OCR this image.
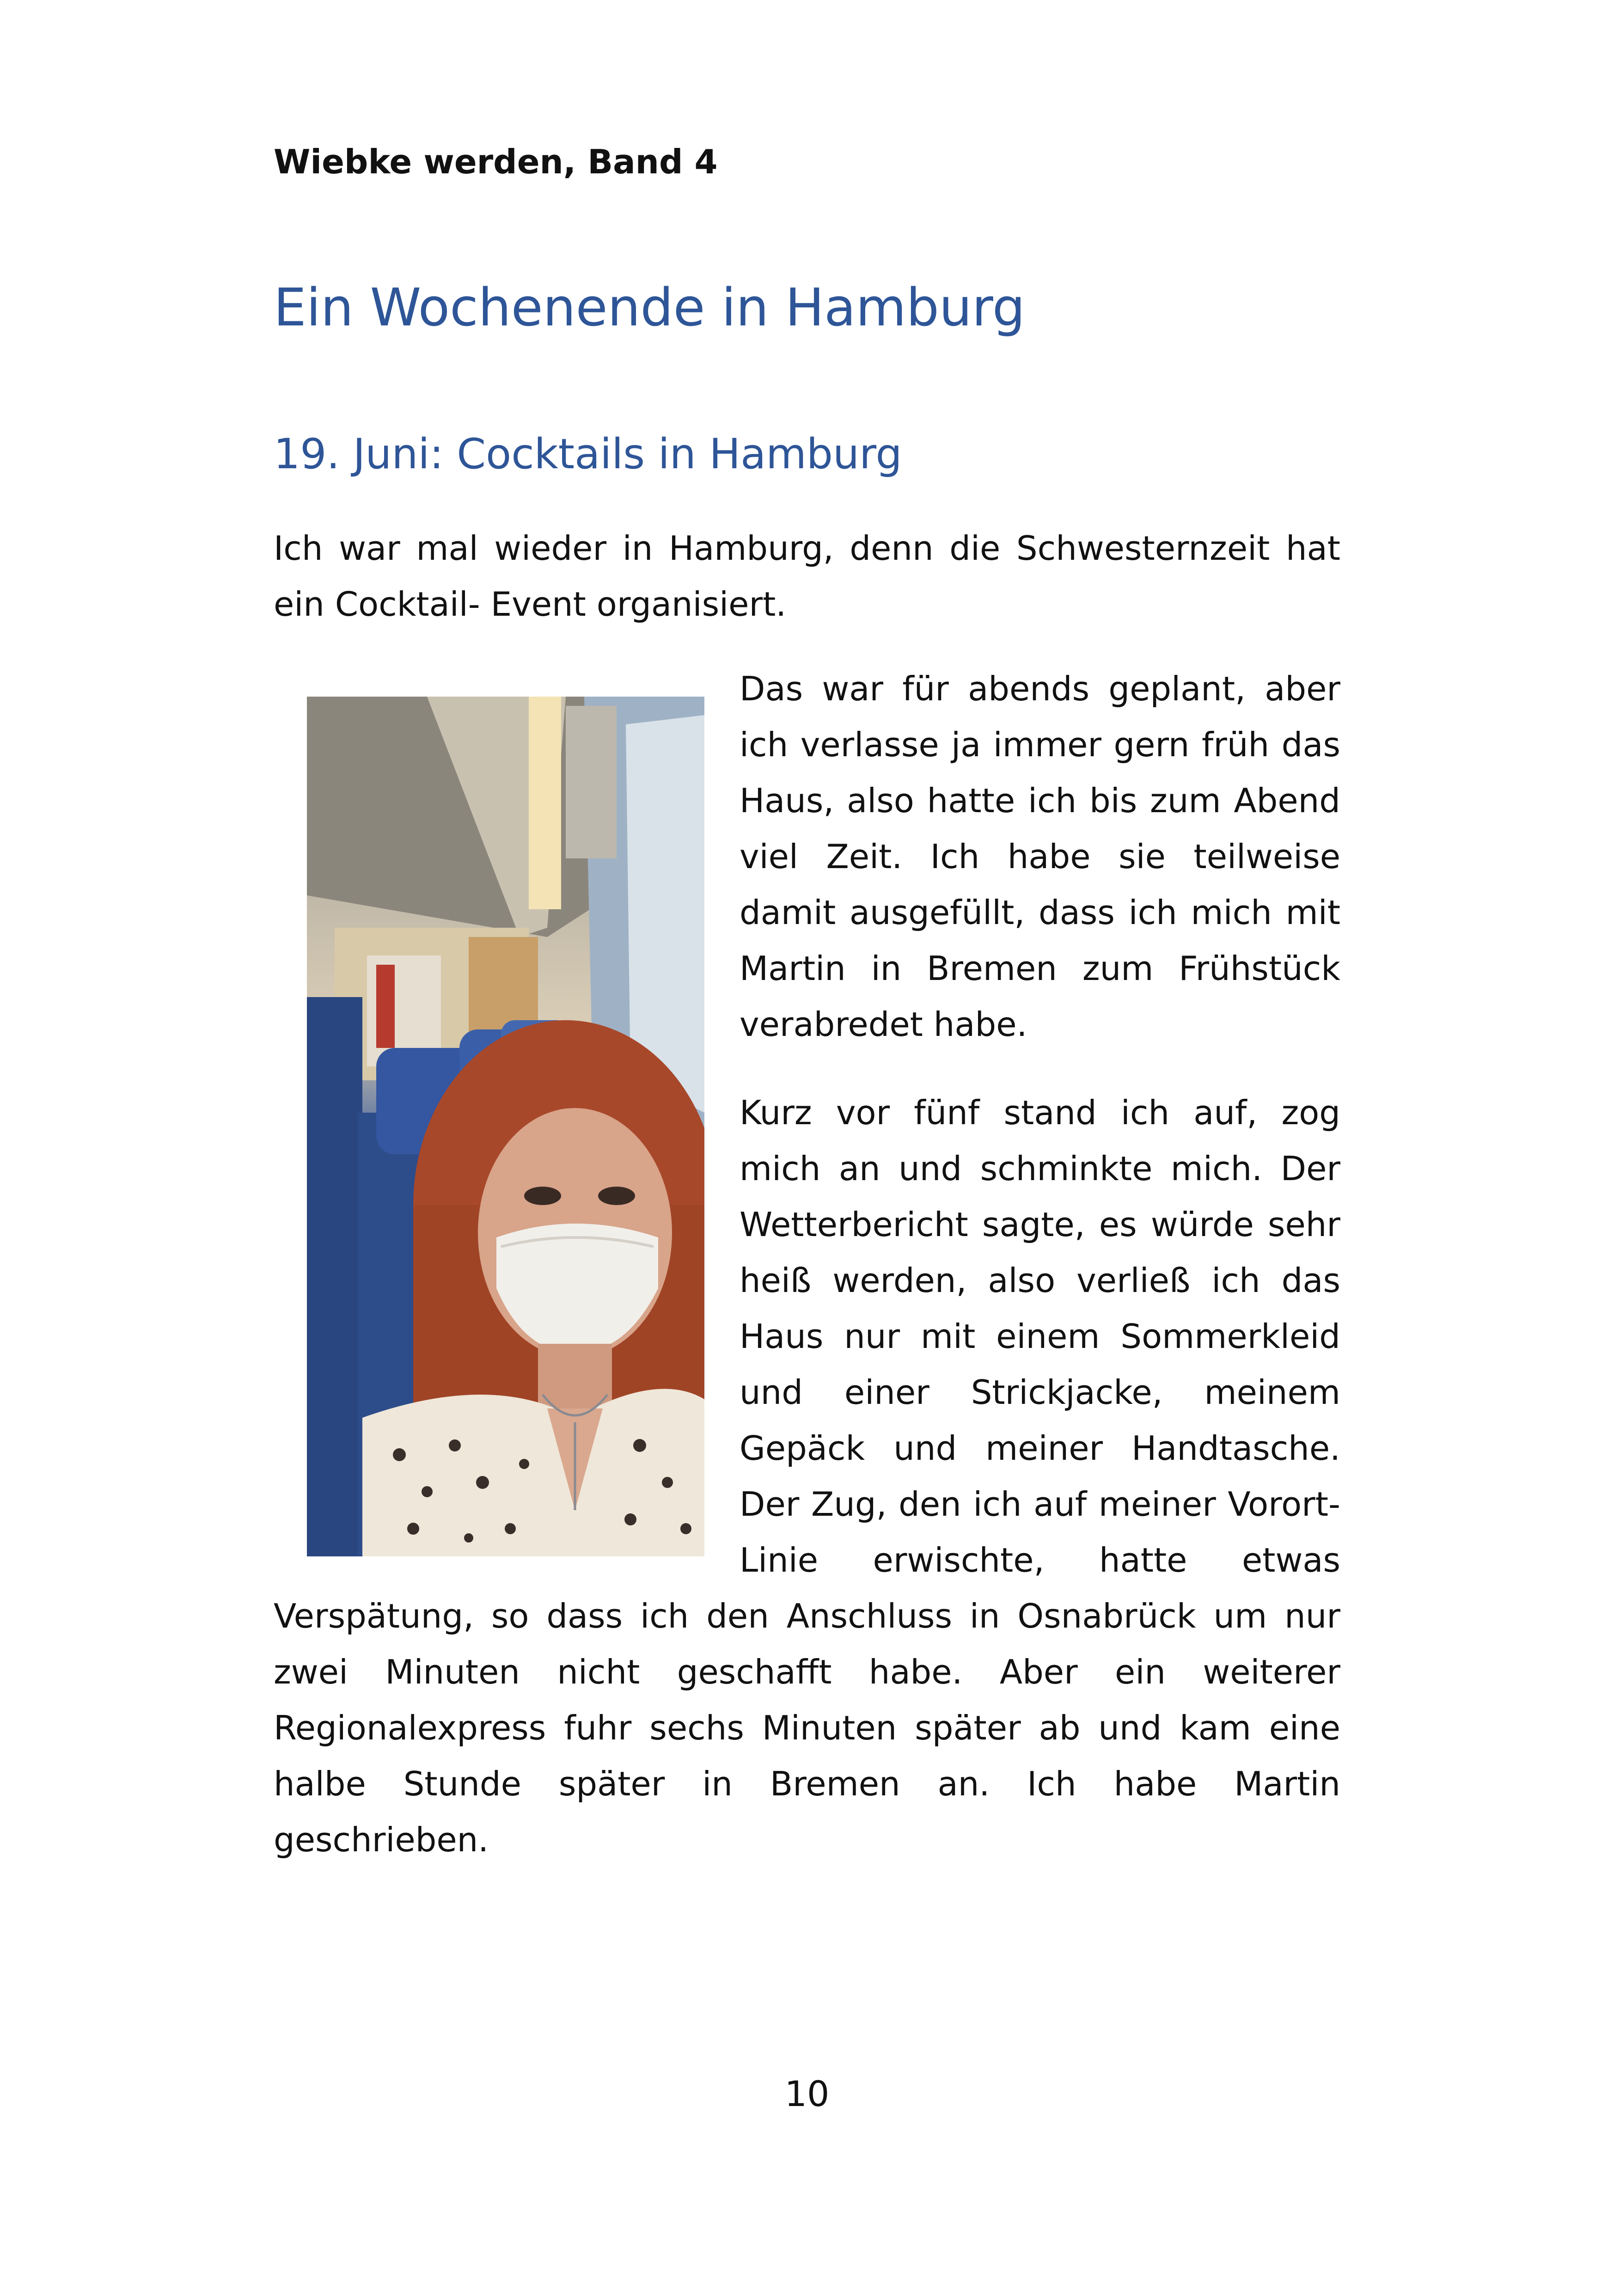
Wiebke werden, Band 4
Ein Wochenende in Hamburg
19. Juni: Cocktails in Hamburg

Ich war mal wieder in Hamburg, denn die Schwesternzeit hat ein Cocktail- Event organisiert.

Das war für abends geplant, aber ich verlasse ja immer gern früh das Haus, also hatte ich bis zum Abend viel Zeit. Ich habe sie teilweise damit ausgefüllt, dass ich mich mit Martin in Bremen zum Frühstück verabredet habe.

Kurz vor fünf stand ich auf, zog mich an und schminkte mich. Der Wetterbericht sagte, es würde sehr heiß werden, also verließ ich das Haus nur mit einem Sommerkleid und einer Strickjacke, meinem Gepäck und meiner Handtasche. Der Zug, den ich auf meiner Vorort-Linie erwischte, hatte etwas Verspätung, so dass ich den Anschluss in Osnabrück um nur zwei Minuten nicht geschafft habe. Aber ein weiterer Regionalexpress fuhr sechs Minuten später ab und kam eine halbe Stunde später in Bremen an. Ich habe Martin geschrieben.

10
